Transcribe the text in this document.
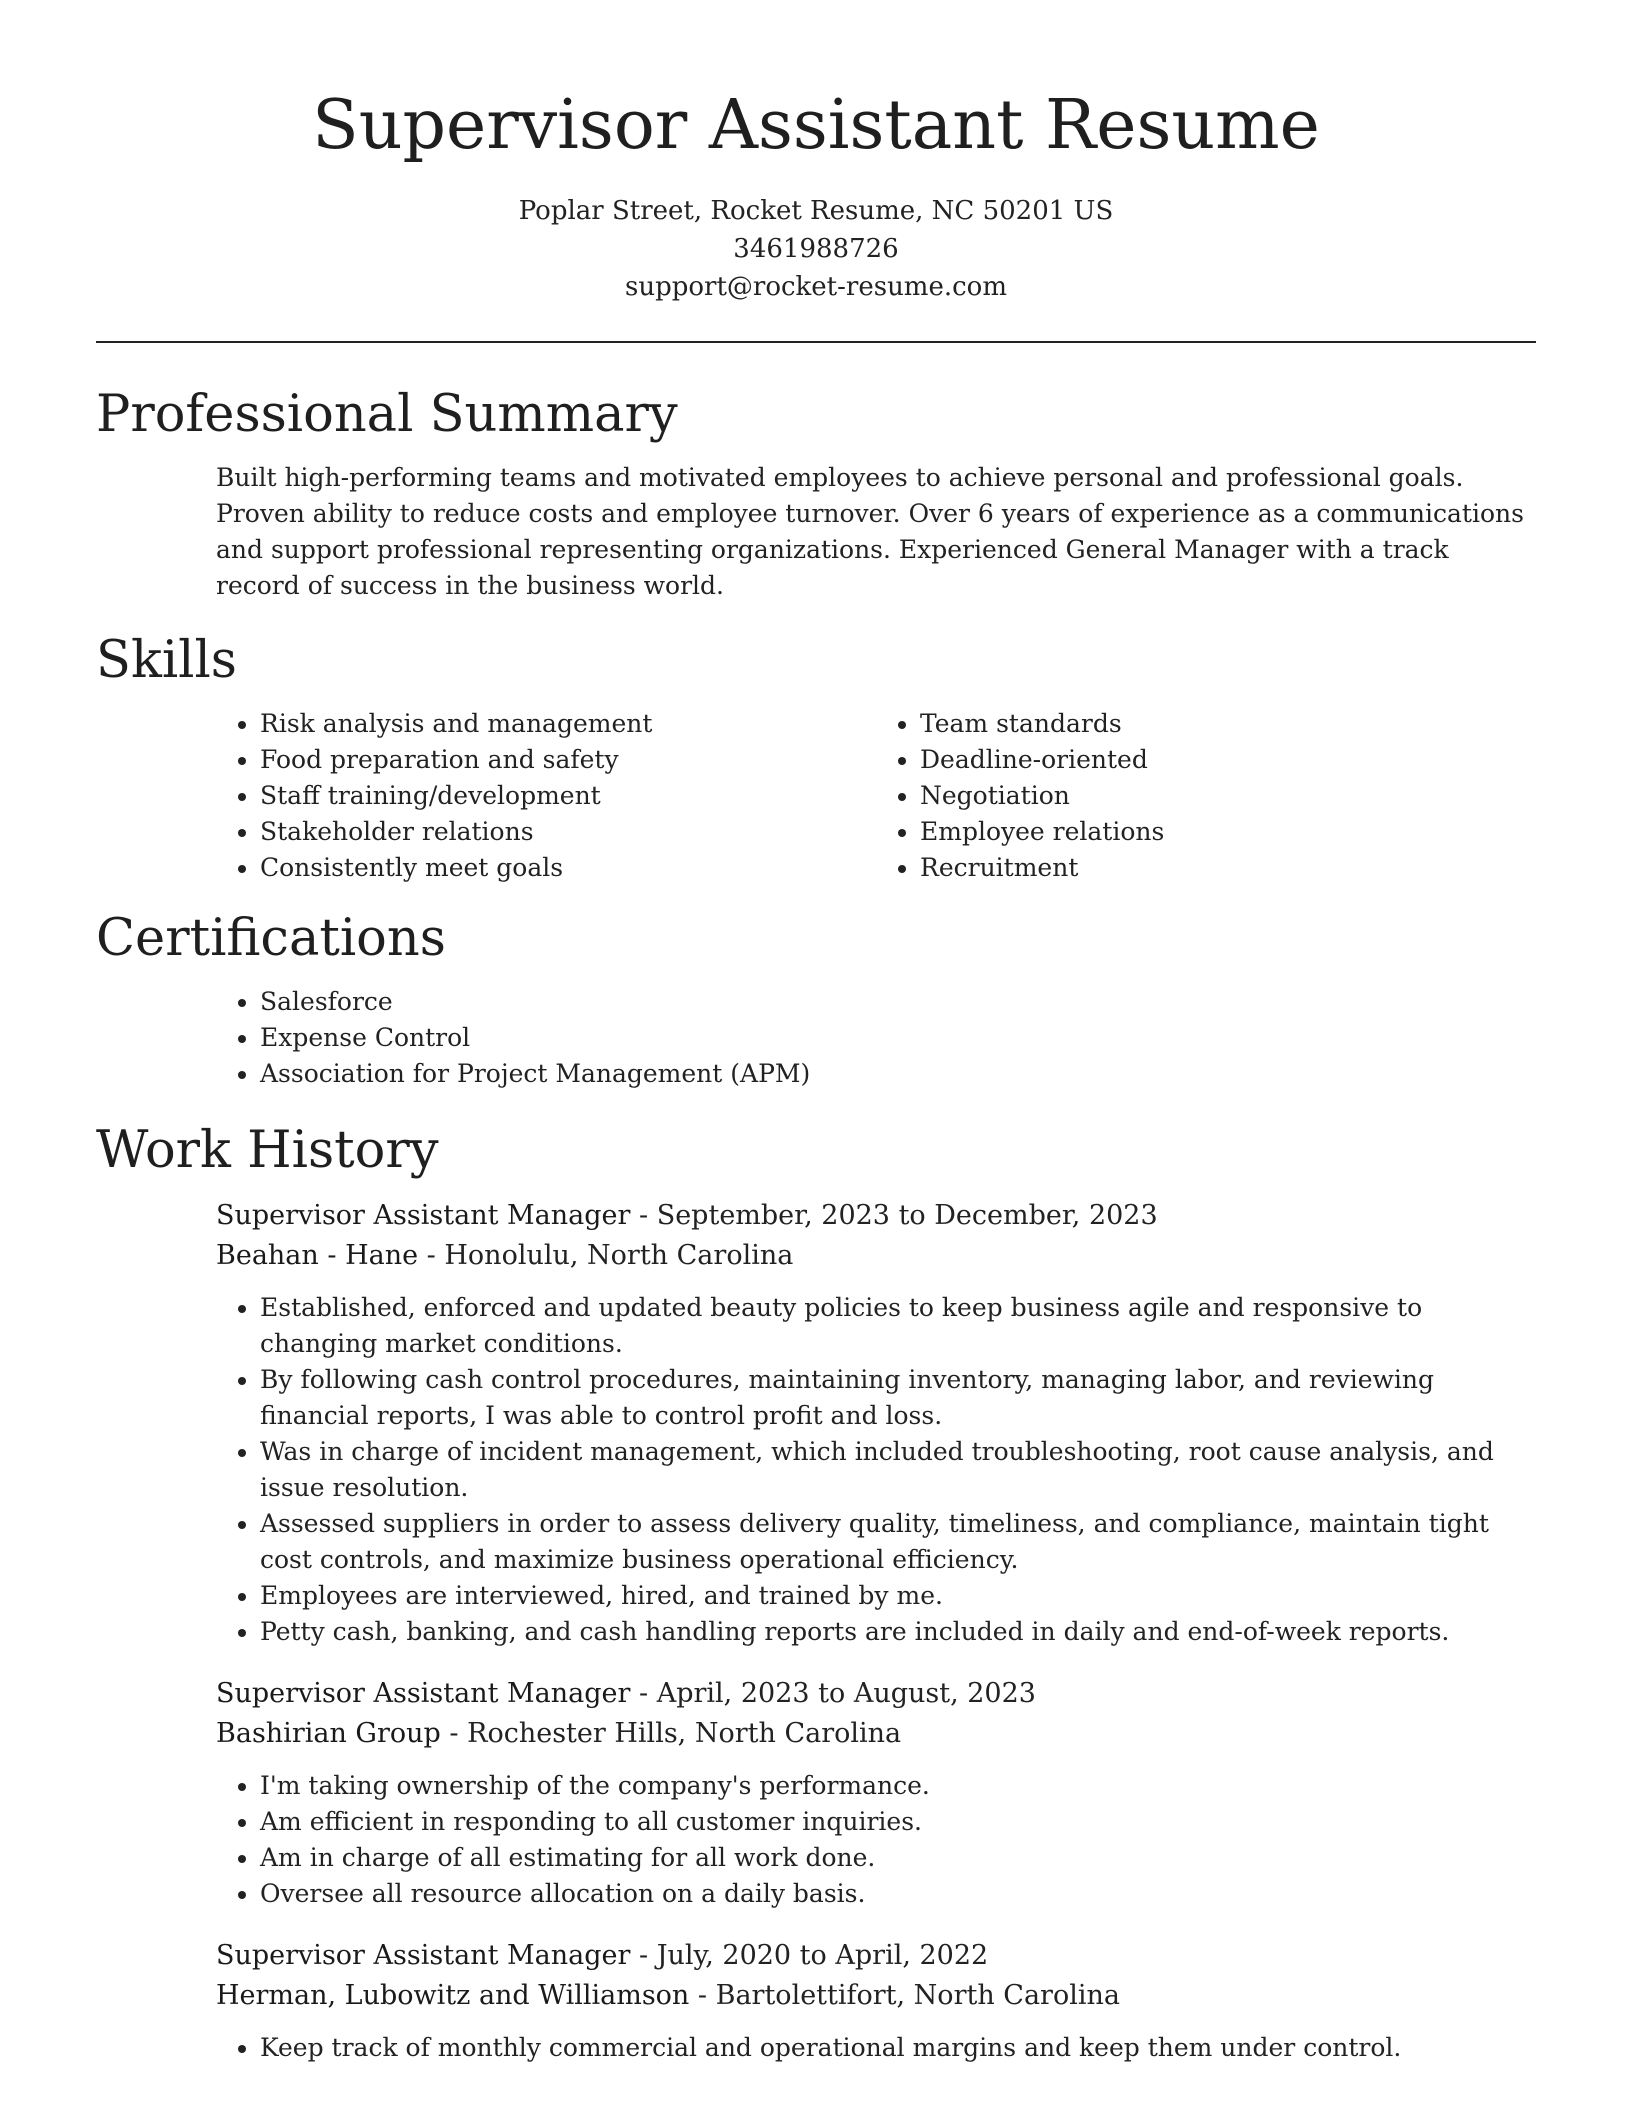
Supervisor Assistant Resume
Poplar Street, Rocket Resume, NC 50201 US
3461988726
support@rocket-resume.com
Professional Summary

Built high-performing teams and motivated employees to achieve personal and professional goals. Proven ability to reduce costs and employee turnover. Over 6 years of experience as a communications and support professional representing organizations. Experienced General Manager with a track record of success in the business world.

Skills
• Risk analysis and management
• Food preparation and safety
• Staff training/development
• Stakeholder relations
• Consistently meet goals
• Team standards
• Deadline-oriented
• Negotiation
• Employee relations
• Recruitment
Certifications
• Salesforce
• Expense Control
• Association for Project Management (APM)
Work History
Supervisor Assistant Manager - September, 2023 to December, 2023
Beahan - Hane - Honolulu, North Carolina
• Established, enforced and updated beauty policies to keep business agile and responsive to changing market conditions.
• By following cash control procedures, maintaining inventory, managing labor, and reviewing financial reports, I was able to control profit and loss.
• Was in charge of incident management, which included troubleshooting, root cause analysis, and issue resolution.
• Assessed suppliers in order to assess delivery quality, timeliness, and compliance, maintain tight cost controls, and maximize business operational efficiency.
• Employees are interviewed, hired, and trained by me.
• Petty cash, banking, and cash handling reports are included in daily and end-of-week reports.
Supervisor Assistant Manager - April, 2023 to August, 2023
Bashirian Group - Rochester Hills, North Carolina
• I'm taking ownership of the company's performance.
• Am efficient in responding to all customer inquiries.
• Am in charge of all estimating for all work done.
• Oversee all resource allocation on a daily basis.
Supervisor Assistant Manager - July, 2020 to April, 2022
Herman, Lubowitz and Williamson - Bartolettifort, North Carolina
• Keep track of monthly commercial and operational margins and keep them under control.
